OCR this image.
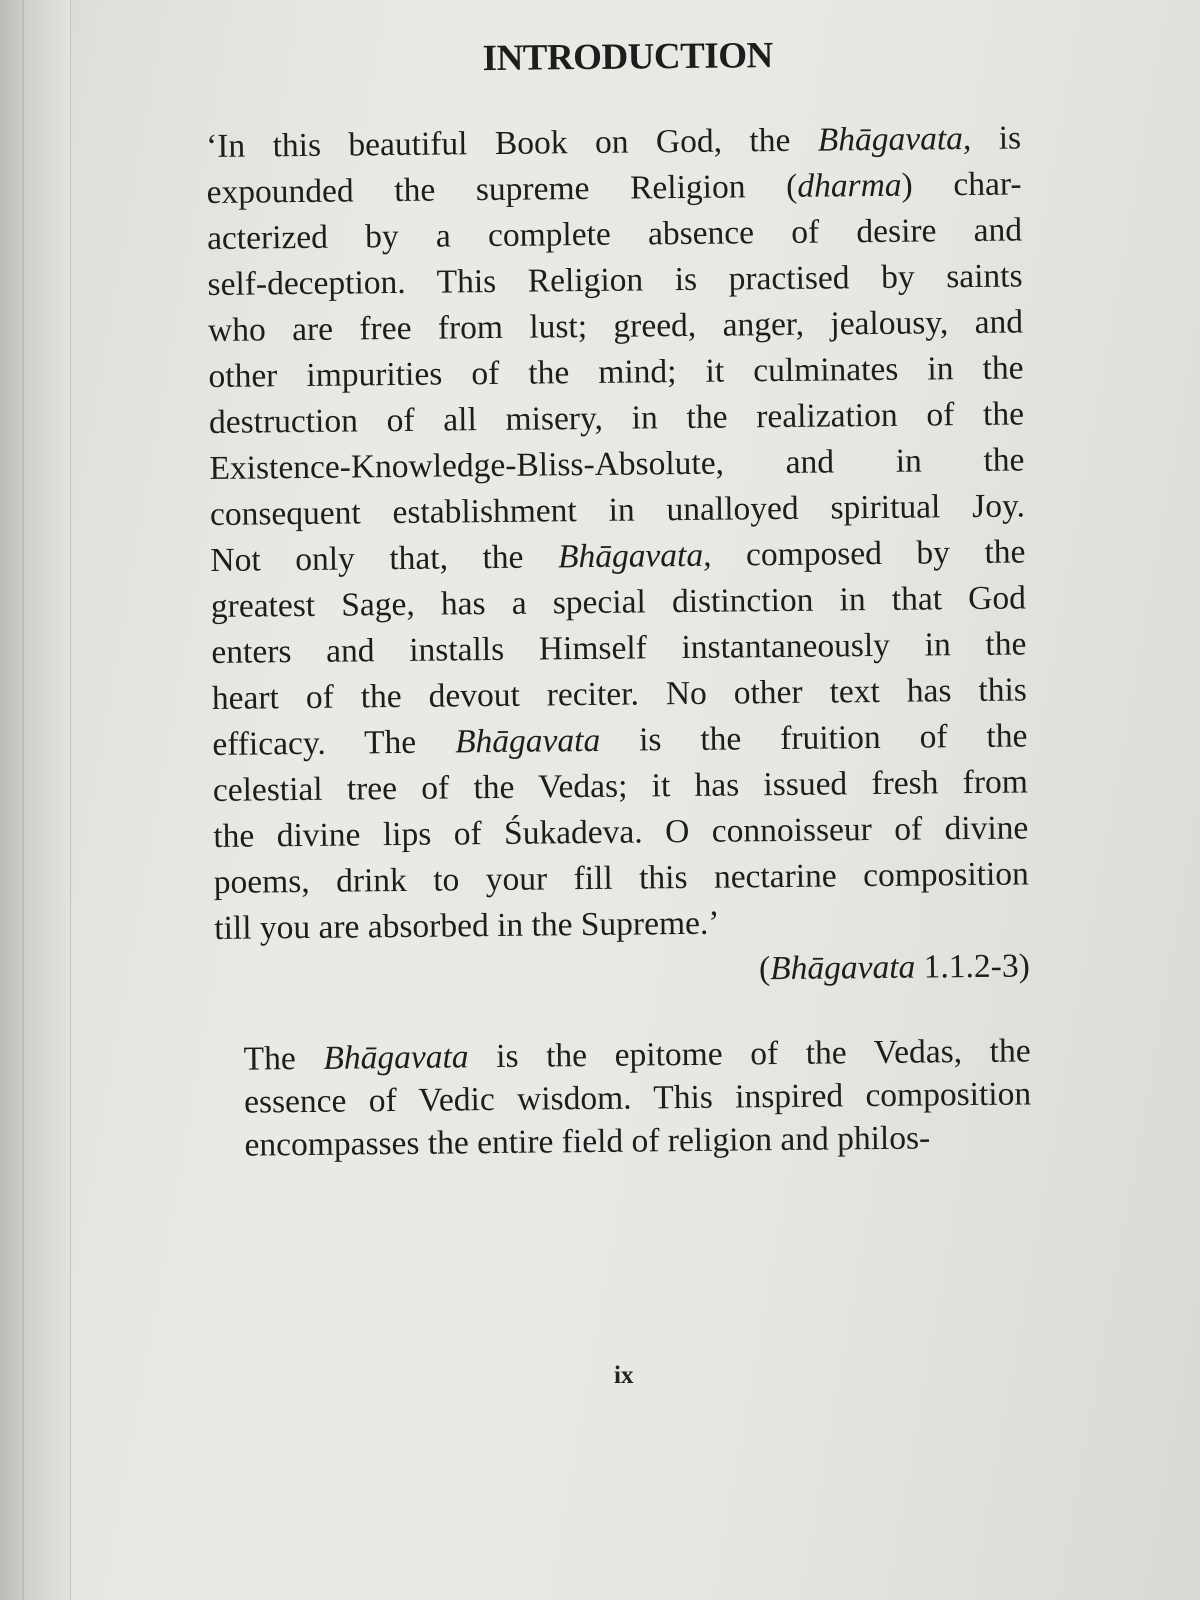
INTRODUCTION
‘In this beautiful Book on God, the Bhāgavata, is
expounded the supreme Religion (dharma) char-
acterized by a complete absence of desire and
self-deception. This Religion is practised by saints
who are free from lust; greed, anger, jealousy, and
other impurities of the mind; it culminates in the
destruction of all misery, in the realization of the
Existence-Knowledge-Bliss-Absolute, and in the
consequent establishment in unalloyed spiritual Joy.
Not only that, the Bhāgavata, composed by the
greatest Sage, has a special distinction in that God
enters and installs Himself instantaneously in the
heart of the devout reciter. No other text has this
efficacy. The Bhāgavata is the fruition of the
celestial tree of the Vedas; it has issued fresh from
the divine lips of Śukadeva. O connoisseur of divine
poems, drink to your fill this nectarine composition
till you are absorbed in the Supreme.’
(Bhāgavata 1.1.2-3)
The Bhāgavata is the epitome of the Vedas, the
essence of Vedic wisdom. This inspired composition
encompasses the entire field of religion and philos-
ix
